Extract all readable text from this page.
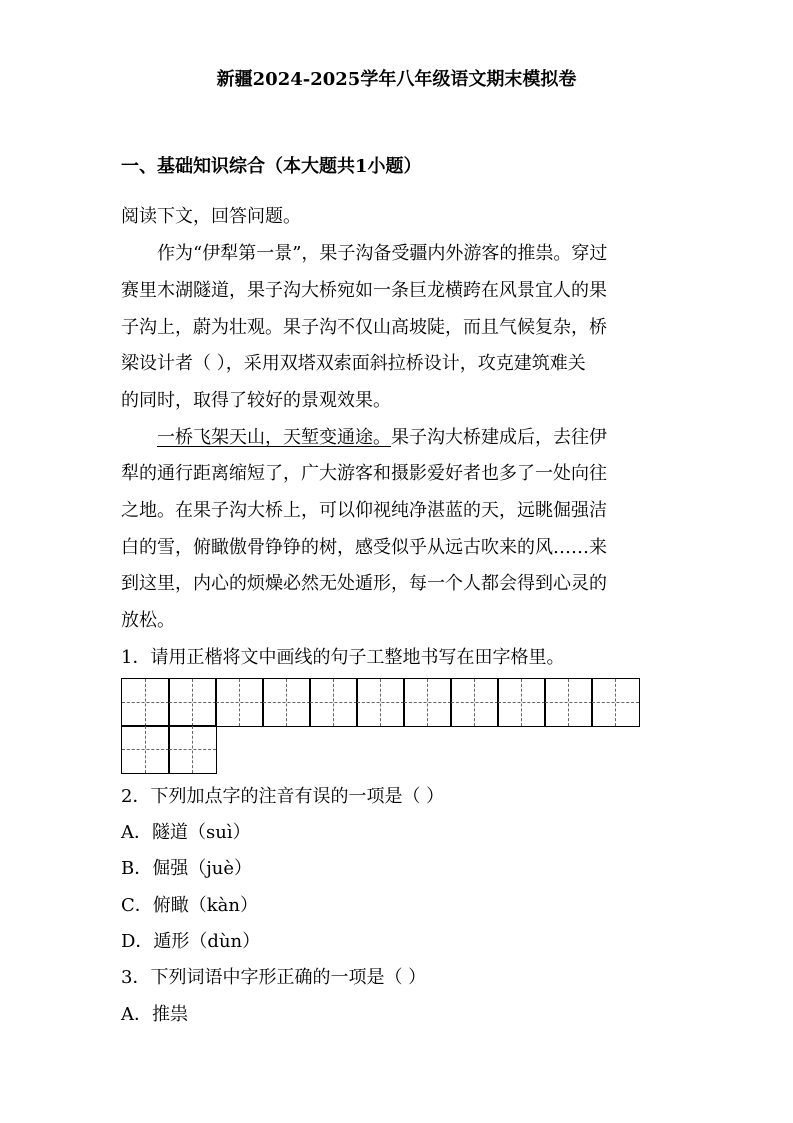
新疆2024-2025学年八年级语文期末模拟卷
一、基础知识综合（本大题共1小题）
阅读下文，回答问题。
作为“伊犁第一景”，果子沟备受疆内外游客的推祟。穿过
赛里木湖隧道，果子沟大桥宛如一条巨龙横跨在风景宜人的果
子沟上，蔚为壮观。果子沟不仅山高坡陡，而且气候复杂，桥
梁设计者（ ），采用双塔双索面斜拉桥设计，攻克建筑难关
的同时，取得了较好的景观效果。
一桥飞架天山，天堑变通途。果子沟大桥建成后，去往伊
犁的通行距离缩短了，广大游客和摄影爱好者也多了一处向往
之地。在果子沟大桥上，可以仰视纯净湛蓝的天，远眺倔强洁
白的雪，俯瞰傲骨铮铮的树，感受似乎从远古吹来的风……来
到这里，内心的烦燥必然无处遁形，每一个人都会得到心灵的
放松。
1．请用正楷将文中画线的句子工整地书写在田字格里。
2．下列加点字的注音有误的一项是（ ）
A．隧道（suì）
B．倔强（juè）
C．俯瞰（kàn）
D．遁形（dùn）
3．下列词语中字形正确的一项是（ ）
A．推祟
